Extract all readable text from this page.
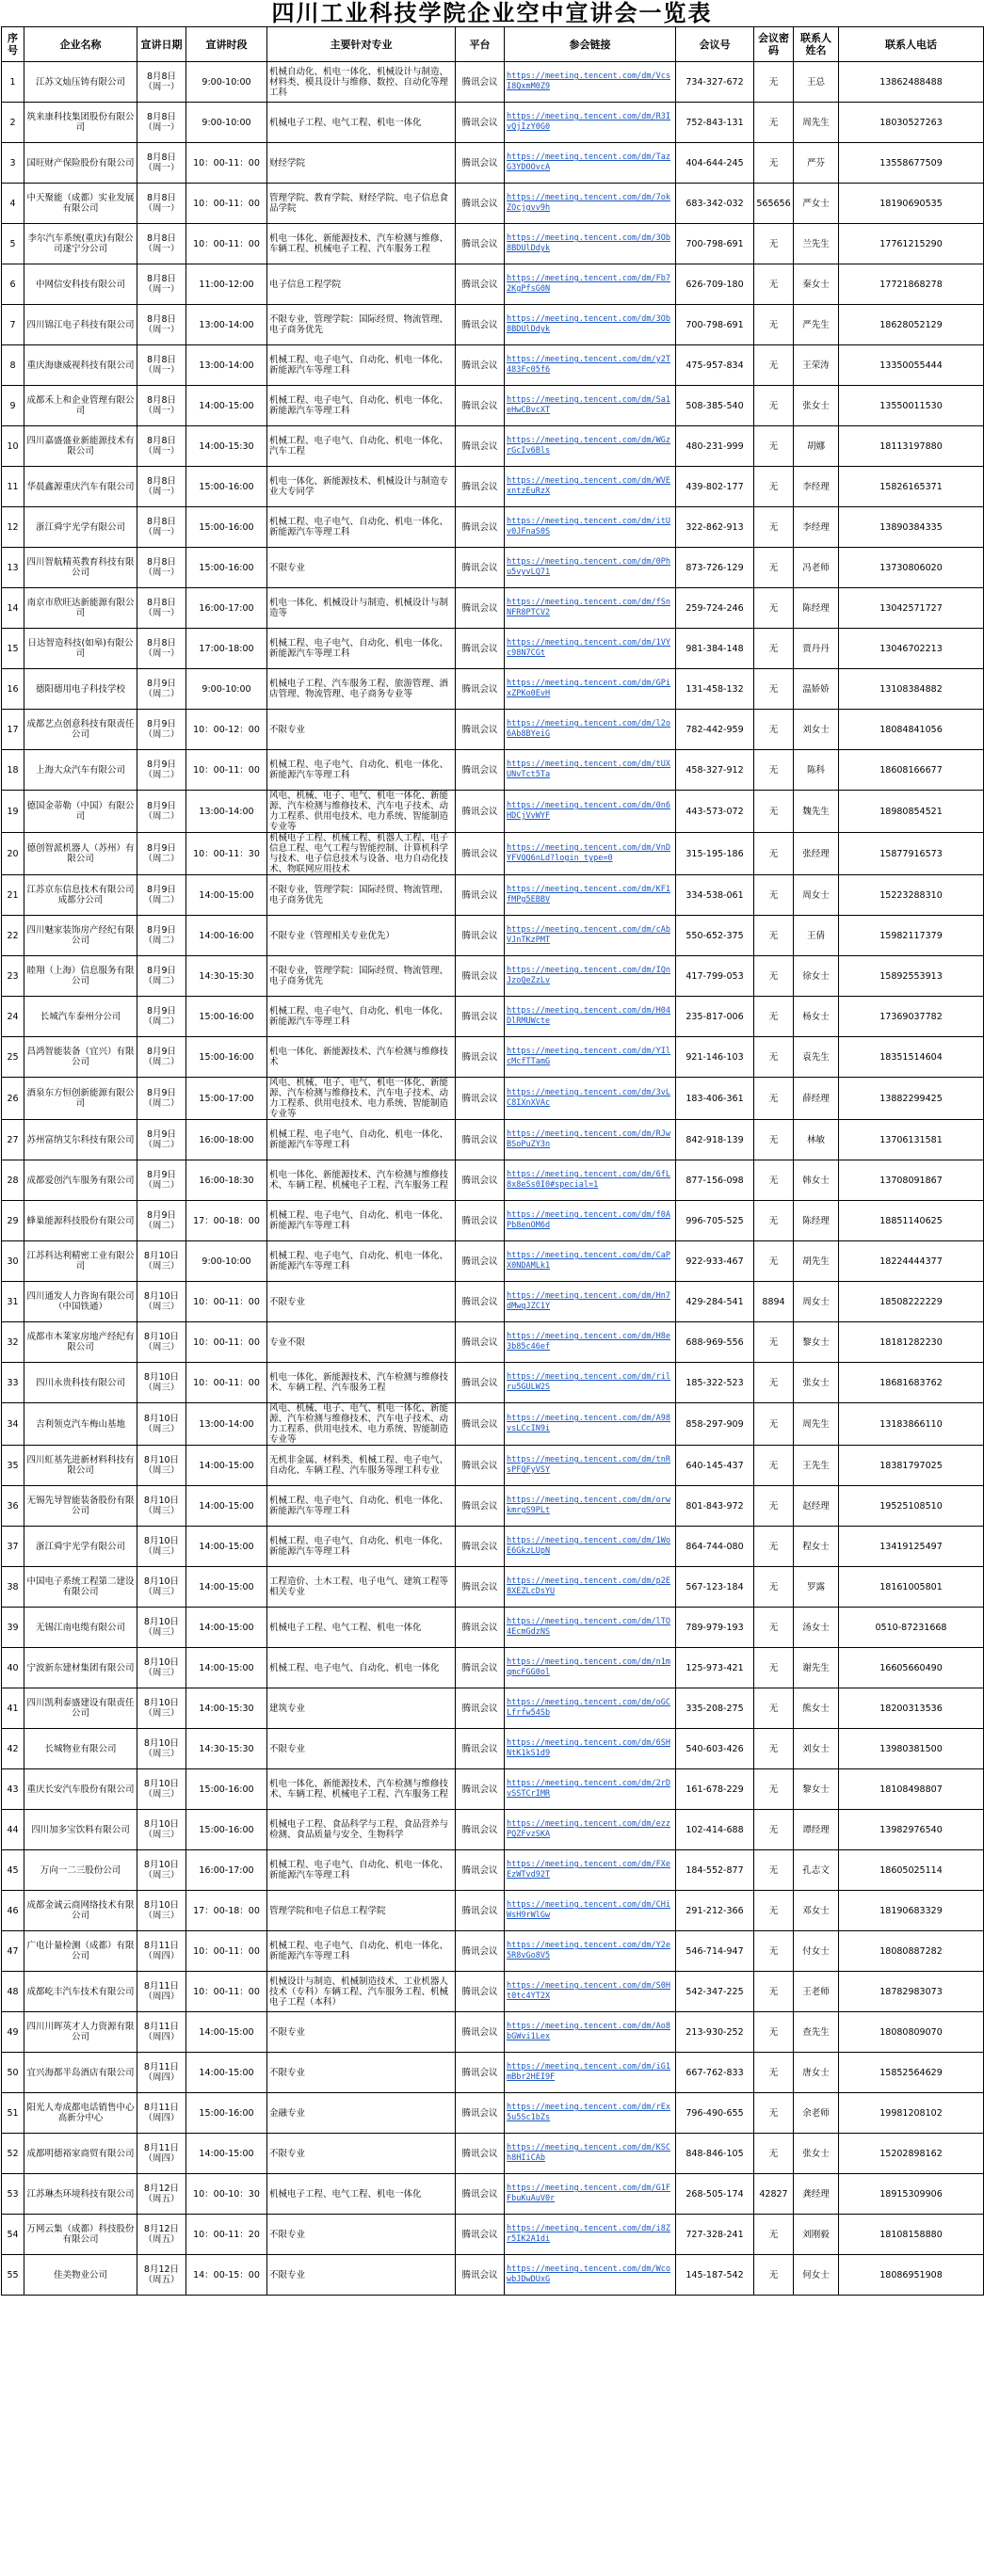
四川工业科技学院企业空中宣讲会一览表
序号	企业名称	宣讲日期	宣讲时段	主要针对专业	平台	参会链接	会议号	会议密码	联系人姓名	联系人电话
1	江苏文灿压铸有限公司	8月8日（周一）	9:00-10:00	机械自动化、机电一体化、机械设计与制造、材料类、模具设计与维修、数控、自动化等理工科	腾讯会议	https://meeting.tencent.com/dm/VcsI8QxmM0Z9	734-327-672	无	王总	13862488488
2	筑来康科技集团股份有限公司	8月8日（周一）	9:00-10:00	机械电子工程、电气工程、机电一体化	腾讯会议	https://meeting.tencent.com/dm/R3IvQjIzY0G0	752-843-131	无	周先生	18030527263
3	国旺财产保险股份有限公司	8月8日（周一）	10：00-11：00	财经学院	腾讯会议	https://meeting.tencent.com/dm/TazG3YDOOvcA	404-644-245	无	严芬	13558677509
4	中天聚能（成都）实业发展有限公司	8月8日（周一）	10：00-11：00	管理学院、教育学院、财经学院、电子信息食品学院	腾讯会议	https://meeting.tencent.com/dm/7okZOcjgvv9h	683-342-032	565656	严女士	18190690535
5	李尔汽车系统(重庆)有限公司遂宁分公司	8月8日（周一）	10：00-11：00	机电一体化、新能源技术、汽车检测与维修、车辆工程、机械电子工程、汽车服务工程	腾讯会议	https://meeting.tencent.com/dm/3Ob8BDUlDdyk	700-798-691	无	兰先生	17761215290
6	中网信安科技有限公司	8月8日（周一）	11:00-12:00	电子信息工程学院	腾讯会议	https://meeting.tencent.com/dm/Fb72KgPfsG0N	626-709-180	无	秦女士	17721868278
7	四川锦江电子科技有限公司	8月8日（周一）	13:00-14:00	不限专业，管理学院：国际经贸、物流管理、电子商务优先	腾讯会议	https://meeting.tencent.com/dm/3Ob8BDUlDdyk	700-798-691	无	严先生	18628052129
8	重庆海康威视科技有限公司	8月8日（周一）	13:00-14:00	机械工程、电子电气、自动化、机电一体化、新能源汽车等理工科	腾讯会议	https://meeting.tencent.com/dm/y2T483Fc05f6	475-957-834	无	王荣涛	13350055444
9	成都禾上和企业管理有限公司	8月8日（周一）	14:00-15:00	机械工程、电子电气、自动化、机电一体化、新能源汽车等理工科	腾讯会议	https://meeting.tencent.com/dm/Sa1eHwCBvcXT	508-385-540	无	张女士	13550011530
10	四川嘉盛盛业新能源技术有限公司	8月8日（周一）	14:00-15:30	机械工程、电子电气、自动化、机电一体化、汽车工程	腾讯会议	https://meeting.tencent.com/dm/WGzrGcIv6Bls	480-231-999	无	胡娜	18113197880
11	华晨鑫源重庆汽车有限公司	8月8日（周一）	15:00-16:00	机电一体化、新能源技术、机械设计与制造专业大专同学	腾讯会议	https://meeting.tencent.com/dm/WVExntzEuRzX	439-802-177	无	李经理	15826165371
12	浙江舜宇光学有限公司	8月8日（周一）	15:00-16:00	机械工程、电子电气、自动化、机电一体化、新能源汽车等理工科	腾讯会议	https://meeting.tencent.com/dm/itUv0JFnaS0S	322-862-913	无	李经理	13890384335
13	四川智航精英教育科技有限公司	8月8日（周一）	15:00-16:00	不限专业	腾讯会议	https://meeting.tencent.com/dm/0Phu5vyvLQ71	873-726-129	无	冯老师	13730806020
14	南京市欣旺达新能源有限公司	8月8日（周一）	16:00-17:00	机电一体化、机械设计与制造、机械设计与制造等	腾讯会议	https://meeting.tencent.com/dm/fSnNFR8PTCV2	259-724-246	无	陈经理	13042571727
15	日达智造科技(如皋)有限公司	8月8日（周一）	17:00-18:00	机械工程、电子电气、自动化、机电一体化、新能源汽车等理工科	腾讯会议	https://meeting.tencent.com/dm/1VYc98N7CGt	981-384-148	无	贾丹丹	13046702213
16	德阳德用电子科技学校	8月9日（周二）	9:00-10:00	机械电子工程、汽车服务工程、旅游管理、酒店管理、物流管理、电子商务专业等	腾讯会议	https://meeting.tencent.com/dm/GPixZPKo0EvH	131-458-132	无	温娇娇	13108384882
17	成都艺点创意科技有限责任公司	8月9日（周二）	10：00-12：00	不限专业	腾讯会议	https://meeting.tencent.com/dm/l2o6Ab8BYeiG	782-442-959	无	刘女士	18084841056
18	上海大众汽车有限公司	8月9日（周二）	10：00-11：00	机械工程、电子电气、自动化、机电一体化、新能源汽车等理工科	腾讯会议	https://meeting.tencent.com/dm/tUXUNvTct5Ta	458-327-912	无	陈科	18608166677
19	德国金蒂勒（中国）有限公司	8月9日（周二）	13:00-14:00	风电、机械、电子、电气、机电一体化、新能源、汽车检测与维修技术、汽车电子技术、动力工程系、供用电技术、电力系统、智能制造专业等	腾讯会议	https://meeting.tencent.com/dm/0n6HDCjVvWYF	443-573-072	无	魏先生	18980854521
20	德创智派机器人（苏州）有限公司	8月9日（周二）	10：00-11：30	机械电子工程、机械工程、机器人工程、电子信息工程、电气工程与智能控制、计算机科学与技术、电子信息技术与设备、电力自动化技术、物联网应用技术	腾讯会议	https://meeting.tencent.com/dm/VnDYFVQQ6nLd?login_type=0	315-195-186	无	张经理	15877916573
21	江苏京东信息技术有限公司成都分公司	8月9日（周二）	14:00-15:00	不限专业，管理学院：国际经贸、物流管理、电子商务优先	腾讯会议	https://meeting.tencent.com/dm/KF1fMPg5EBBV	334-538-061	无	周女士	15223288310
22	四川魅家装饰房产经纪有限公司	8月9日（周二）	14:00-16:00	不限专业（管理相关专业优先）	腾讯会议	https://meeting.tencent.com/dm/cAbVJnTKzPMT	550-652-375	无	王倩	15982117379
23	睦翔（上海）信息服务有限公司	8月9日（周二）	14:30-15:30	不限专业，管理学院：国际经贸、物流管理、电子商务优先	腾讯会议	https://meeting.tencent.com/dm/IQnJzoQeZzLv	417-799-053	无	徐女士	15892553913
24	长城汽车泰州分公司	8月9日（周二）	15:00-16:00	机械工程、电子电气、自动化、机电一体化、新能源汽车等理工科	腾讯会议	https://meeting.tencent.com/dm/H04DlRMUWcte	235-817-006	无	杨女士	17369037782
25	昌鸿智能装备（宜兴）有限公司	8月9日（周二）	15:00-16:00	机电一体化、新能源技术、汽车检测与维修技术	腾讯会议	https://meeting.tencent.com/dm/YIlcMcfTTamG	921-146-103	无	袁先生	18351514604
26	酒泉东方恒创新能源有限公司	8月9日（周二）	15:00-17:00	风电、机械、电子、电气、机电一体化、新能源、汽车检测与维修技术、汽车电子技术、动力工程系、供用电技术、电力系统、智能制造专业等	腾讯会议	https://meeting.tencent.com/dm/3vLC8IXnXVAc	183-406-361	无	薛经理	13882299425
27	苏州富纳艾尔科技有限公司	8月9日（周二）	16:00-18:00	机械工程、电子电气、自动化、机电一体化、新能源汽车等理工科	腾讯会议	https://meeting.tencent.com/dm/RJwBSoPuZY3n	842-918-139	无	林敏	13706131581
28	成都爱创汽车服务有限公司	8月9日（周二）	16:00-18:30	机电一体化、新能源技术、汽车检测与维修技术、车辆工程、机械电子工程、汽车服务工程	腾讯会议	https://meeting.tencent.com/dm/6fL8x8eSs0I0#special=1	877-156-098	无	韩女士	13708091867
29	蜂巢能源科技股份有限公司	8月9日（周二）	17：00-18：00	机械工程、电子电气、自动化、机电一体化、新能源汽车等理工科	腾讯会议	https://meeting.tencent.com/dm/f0APb8enOM6d	996-705-525	无	陈经理	18851140625
30	江苏科达利精密工业有限公司	8月10日（周三）	9:00-10:00	机械工程、电子电气、自动化、机电一体化、新能源汽车等理工科	腾讯会议	https://meeting.tencent.com/dm/CaPX0NDAMLk1	922-933-467	无	胡先生	18224444377
31	四川通发人力咨询有限公司（中国铁通）	8月10日（周三）	10：00-11：00	不限专业	腾讯会议	https://meeting.tencent.com/dm/Hn7dMwqJZC1Y	429-284-541	8894	周女士	18508222229
32	成都市木莱家房地产经纪有限公司	8月10日（周三）	10：00-11：00	专业不限	腾讯会议	https://meeting.tencent.com/dm/H8e3b85c46ef	688-969-556	无	黎女士	18181282230
33	四川永贵科技有限公司	8月10日（周三）	10：00-11：00	机电一体化、新能源技术、汽车检测与维修技术、车辆工程、汽车服务工程	腾讯会议	https://meeting.tencent.com/dm/rilru5GULW2S	185-322-523	无	张女士	18681683762
34	吉利领克汽车梅山基地	8月10日（周三）	13:00-14:00	风电、机械、电子、电气、机电一体化、新能源、汽车检测与维修技术、汽车电子技术、动力工程系、供用电技术、电力系统、智能制造专业等	腾讯会议	https://meeting.tencent.com/dm/A98vsLCcIN9i	858-297-909	无	周先生	13183866110
35	四川虹基先进新材料科技有限公司	8月10日（周三）	14:00-15:00	无机非金属、材料类、机械工程、电子电气、自动化、车辆工程、汽车服务等理工科专业	腾讯会议	https://meeting.tencent.com/dm/tnRsPFQFyVSY	640-145-437	无	王先生	18381797025
36	无锡先导智能装备股份有限公司	8月10日（周三）	14:00-15:00	机械工程、电子电气、自动化、机电一体化、新能源汽车等理工科	腾讯会议	https://meeting.tencent.com/dm/orwkmrgS9PLt	801-843-972	无	赵经理	19525108510
37	浙江舜宇光学有限公司	8月10日（周三）	14:00-15:00	机械工程、电子电气、自动化、机电一体化、新能源汽车等理工科	腾讯会议	https://meeting.tencent.com/dm/1WoE6GkzLUpN	864-744-080	无	程女士	13419125497
38	中国电子系统工程第二建设有限公司	8月10日（周三）	14:00-15:00	工程造价、土木工程、电子电气、建筑工程等相关专业	腾讯会议	https://meeting.tencent.com/dm/p2E8XEZLcDsYU	567-123-184	无	罗露	18161005801
39	无锡江南电缆有限公司	8月10日（周三）	14:00-15:00	机械电子工程、电气工程、机电一体化	腾讯会议	https://meeting.tencent.com/dm/lTO4EcmGdzNS	789-979-193	无	汤女士	0510-87231668
40	宁波新东建材集团有限公司	8月10日（周三）	14:00-15:00	机械工程、电子电气、自动化、机电一体化	腾讯会议	https://meeting.tencent.com/dm/n1mqmcFGG0ol	125-973-421	无	谢先生	16605660490
41	四川凯利泰盛建设有限责任公司	8月10日（周三）	14:00-15:30	建筑专业	腾讯会议	https://meeting.tencent.com/dm/oGCLfrfw54Sb	335-208-275	无	熊女士	18200313536
42	长城物业有限公司	8月10日（周三）	14:30-15:30	不限专业	腾讯会议	https://meeting.tencent.com/dm/6SHNtK1kS1d9	540-603-426	无	刘女士	13980381500
43	重庆长安汽车股份有限公司	8月10日（周三）	15:00-16:00	机电一体化、新能源技术、汽车检测与维修技术、车辆工程、机械电子工程、汽车服务工程	腾讯会议	https://meeting.tencent.com/dm/2rDvSSTCrIMR	161-678-229	无	黎女士	18108498807
44	四川加多宝饮料有限公司	8月10日（周三）	15:00-16:00	机械电子工程、食品科学与工程、食品营养与检测、食品质量与安全、生物科学	腾讯会议	https://meeting.tencent.com/dm/ezzPQZFvzSKA	102-414-688	无	谭经理	13982976540
45	万向一二三股份公司	8月10日（周三）	16:00-17:00	机械工程、电子电气、自动化、机电一体化、新能源汽车等理工科	腾讯会议	https://meeting.tencent.com/dm/FXeEzWTvd92T	184-552-877	无	孔志文	18605025114
46	成都金诚云商网络技术有限公司	8月10日（周三）	17：00-18：00	管理学院和电子信息工程学院	腾讯会议	https://meeting.tencent.com/dm/CHiWsH9rWlGw	291-212-366	无	邓女士	18190683329
47	广电计量检测（成都）有限公司	8月11日（周四）	10：00-11：00	机械工程、电子电气、自动化、机电一体化、新能源汽车等理工科	腾讯会议	https://meeting.tencent.com/dm/Y2e5R8vGo8V5	546-714-947	无	付女士	18080887282
48	成都屹丰汽车技术有限公司	8月11日（周四）	10：00-11：00	机械设计与制造、机械制造技术、工业机器人技术（专科）车辆工程、汽车服务工程、机械电子工程（本科）	腾讯会议	https://meeting.tencent.com/dm/S0Ht0tc4YT2X	542-347-225	无	王老师	18782983073
49	四川川晖英才人力资源有限公司	8月11日（周四）	14:00-15:00	不限专业	腾讯会议	https://meeting.tencent.com/dm/Ao8bGWvi1Lex	213-930-252	无	查先生	18080809070
50	宜兴海都半岛酒店有限公司	8月11日（周四）	14:00-15:00	不限专业	腾讯会议	https://meeting.tencent.com/dm/iG1mBbr2HEI9F	667-762-833	无	唐女士	15852564629
51	阳光人寿成都电话销售中心高新分中心	8月11日（周四）	15:00-16:00	金融专业	腾讯会议	https://meeting.tencent.com/dm/rEx5u5Sc1bZs	796-490-655	无	余老师	19981208102
52	成都明德裕家商贸有限公司	8月11日（周四）	14:00-15:00	不限专业	腾讯会议	https://meeting.tencent.com/dm/KSCh8HIiCAb	848-846-105	无	张女士	15202898162
53	江苏琳杰环境科技有限公司	8月12日（周五）	10：00-10：30	机械电子工程、电气工程、机电一体化	腾讯会议	https://meeting.tencent.com/dm/G1FFbuKuAuV0r	268-505-174	42827	龚经理	18915309906
54	万网云集（成都）科技股份有限公司	8月12日（周五）	10：00-11：20	不限专业	腾讯会议	https://meeting.tencent.com/dm/i8Zr5IK2A1di	727-328-241	无	刘刚毅	18108158880
55	佳美物业公司	8月12日（周五）	14：00-15：00	不限专业	腾讯会议	https://meeting.tencent.com/dm/WcowbJDwDUxG	145-187-542	无	何女士	18086951908
